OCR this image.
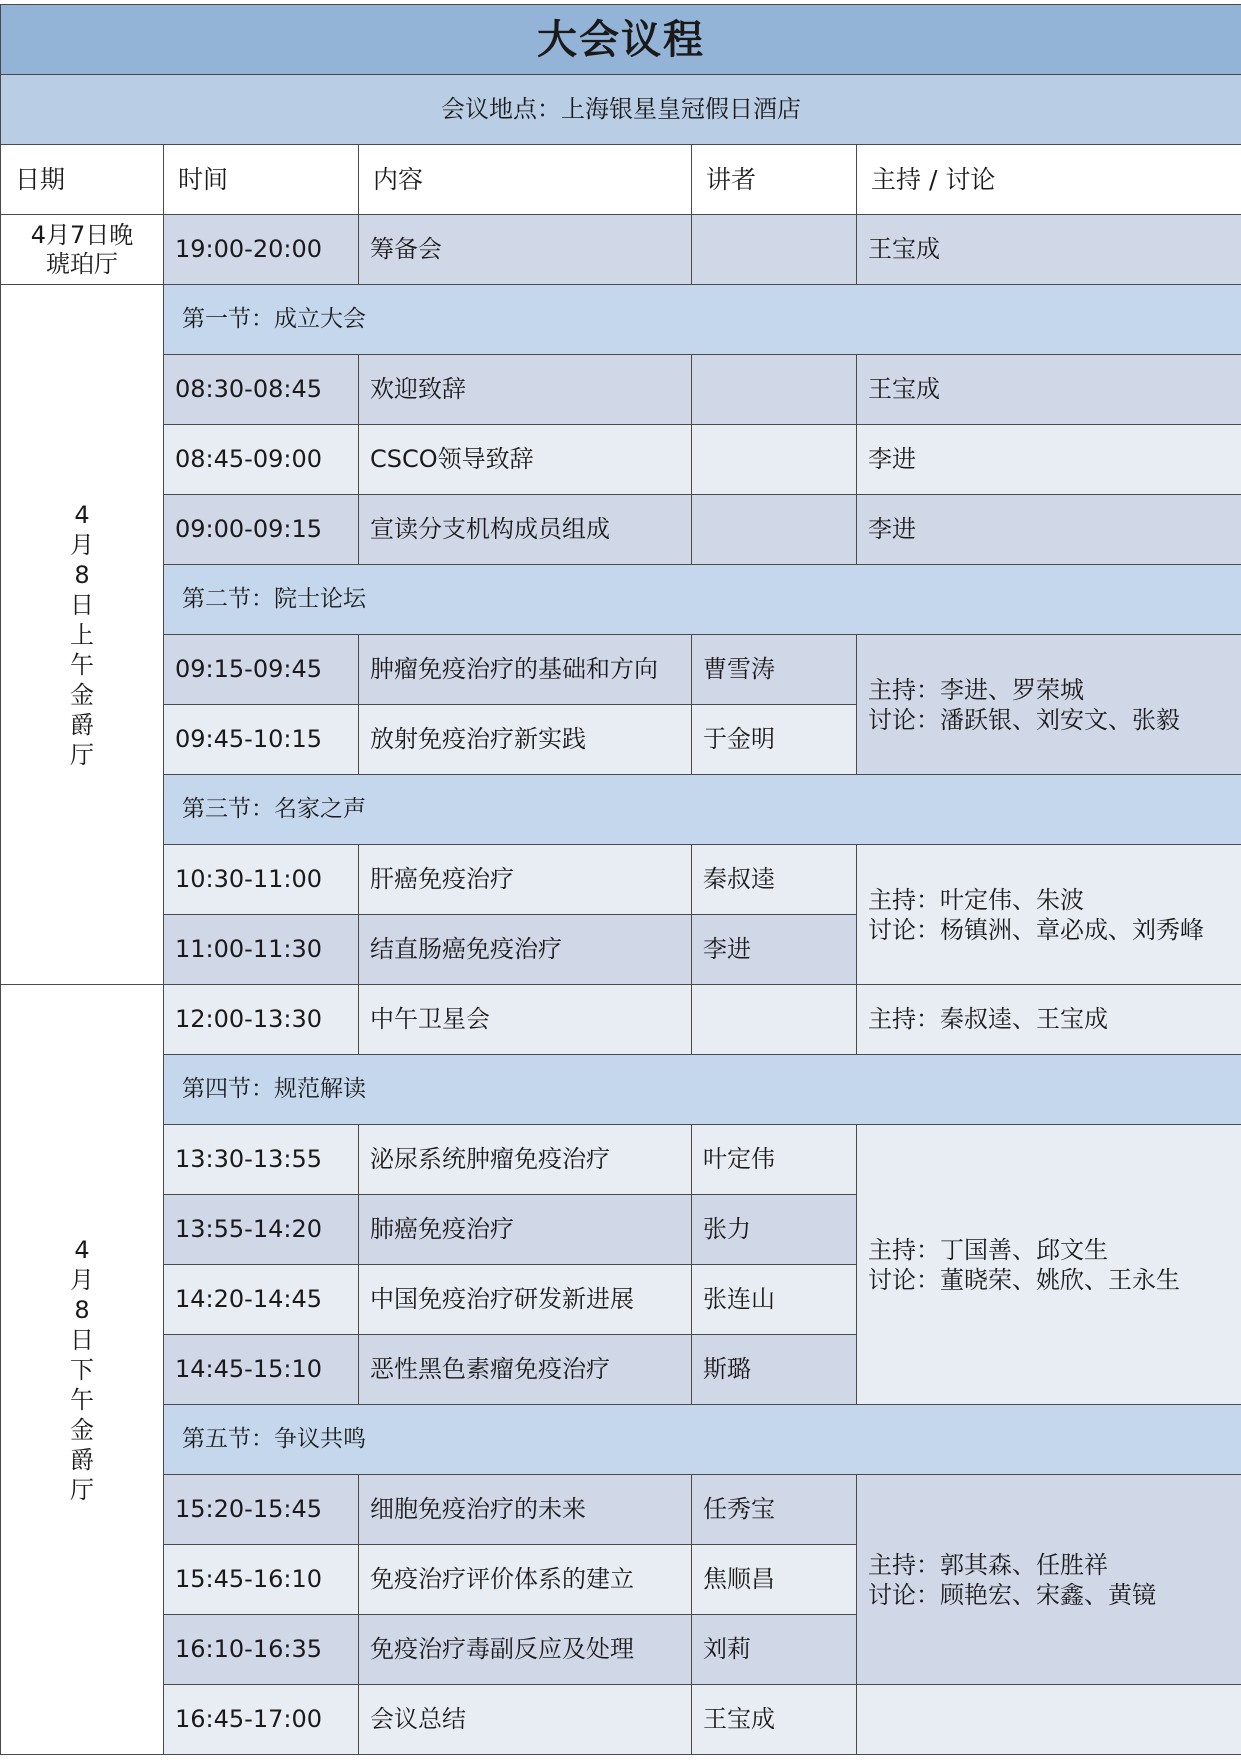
大会议程				
会议地点：上海银星皇冠假日酒店				
日期	时间	内容	讲者	主持 / 讨论

4月7日晚
琥珀厅	19:00-20:00	筹备会		王宝成
4月8日上午 金爵厅	第一节：成立大会			
	08:30-08:45	欢迎致辞		王宝成
	08:45-09:00	CSCO领导致辞		李进
	09:00-09:15	宣读分支机构成员组成		李进
	第二节：院士论坛			
	09:15-09:45	肿瘤免疫治疗的基础和方向	曹雪涛	主持：李进、罗荣城
讨论：潘跃银、刘安文、张毅

	09:45-10:15	放射免疫治疗新实践	于金明	
	第三节：名家之声			
	10:30-11:00	肝癌免疫治疗	秦叔逵	主持：叶定伟、朱波
讨论：杨镇洲、章必成、刘秀峰

	11:00-11:30	结直肠癌免疫治疗	李进	
4月8日下午 金爵厅	12:00-13:30	中午卫星会		主持：秦叔逵、王宝成
	第四节：规范解读			
	13:30-13:55	泌尿系统肿瘤免疫治疗	叶定伟	主持：丁国善、邱文生
讨论：董晓荣、姚欣、王永生

	13:55-14:20	肺癌免疫治疗	张力	
	14:20-14:45	中国免疫治疗研发新进展	张连山	
	14:45-15:10	恶性黑色素瘤免疫治疗	斯璐	
	第五节：争议共鸣			
	15:20-15:45	细胞免疫治疗的未来	任秀宝	主持：郭其森、任胜祥
讨论：顾艳宏、宋鑫、黄镜

	15:45-16:10	免疫治疗评价体系的建立	焦顺昌	
	16:10-16:35	免疫治疗毒副反应及处理	刘莉	
	16:45-17:00	会议总结	王宝成	
